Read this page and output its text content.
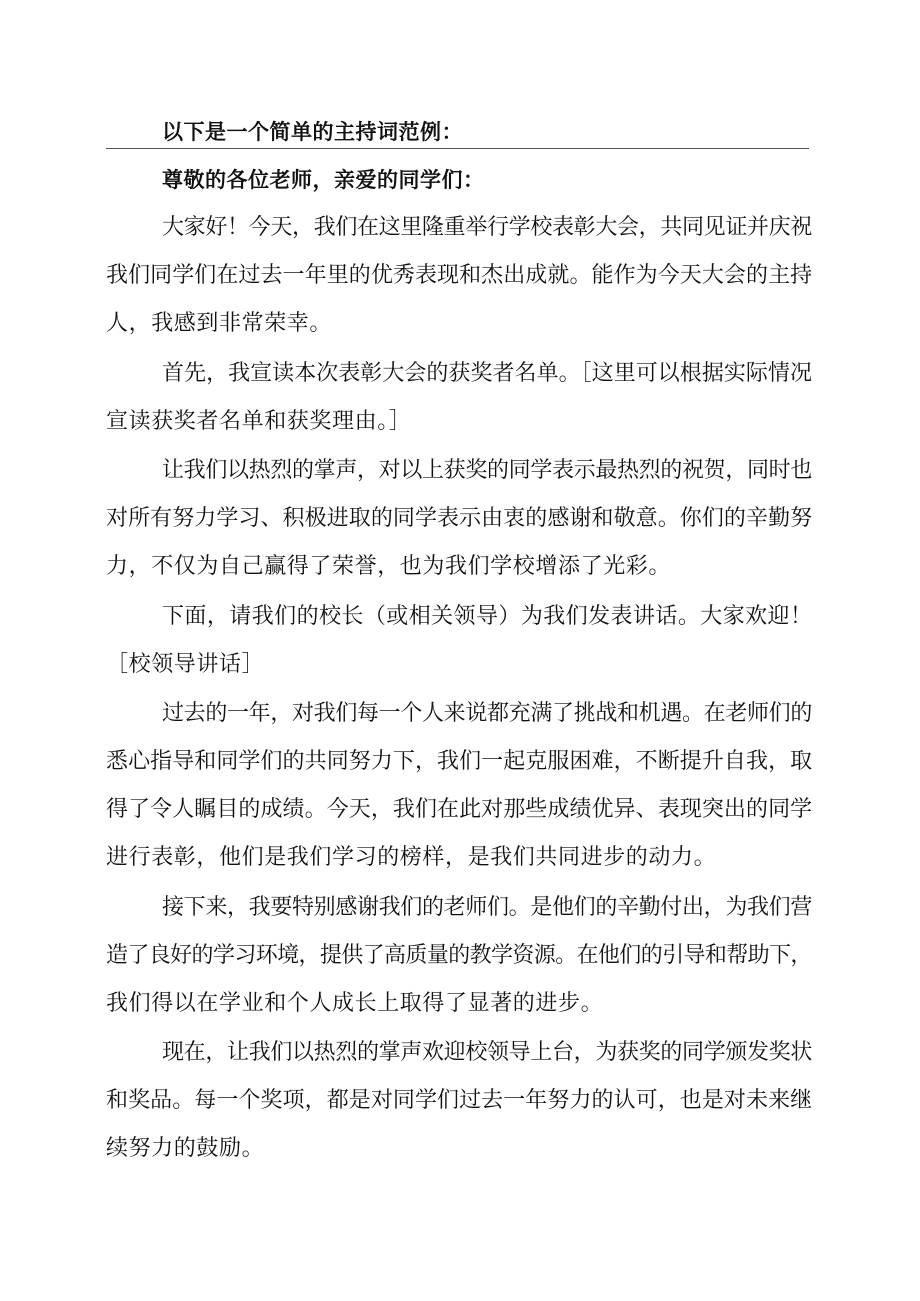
以下是一个简单的主持词范例：
尊敬的各位老师，亲爱的同学们：
大家好！今天，我们在这里隆重举行学校表彰大会，共同见证并庆祝
我们同学们在过去一年里的优秀表现和杰出成就。能作为今天大会的主持
人，我感到非常荣幸。
首先，我宣读本次表彰大会的获奖者名单。［这里可以根据实际情况
宣读获奖者名单和获奖理由。］
让我们以热烈的掌声，对以上获奖的同学表示最热烈的祝贺，同时也
对所有努力学习、积极进取的同学表示由衷的感谢和敬意。你们的辛勤努
力，不仅为自己赢得了荣誉，也为我们学校增添了光彩。
下面，请我们的校长（或相关领导）为我们发表讲话。大家欢迎！
［校领导讲话］
过去的一年，对我们每一个人来说都充满了挑战和机遇。在老师们的
悉心指导和同学们的共同努力下，我们一起克服困难，不断提升自我，取
得了令人瞩目的成绩。今天，我们在此对那些成绩优异、表现突出的同学
进行表彰，他们是我们学习的榜样，是我们共同进步的动力。
接下来，我要特别感谢我们的老师们。是他们的辛勤付出，为我们营
造了良好的学习环境，提供了高质量的教学资源。在他们的引导和帮助下，
我们得以在学业和个人成长上取得了显著的进步。
现在，让我们以热烈的掌声欢迎校领导上台，为获奖的同学颁发奖状
和奖品。每一个奖项，都是对同学们过去一年努力的认可，也是对未来继
续努力的鼓励。
